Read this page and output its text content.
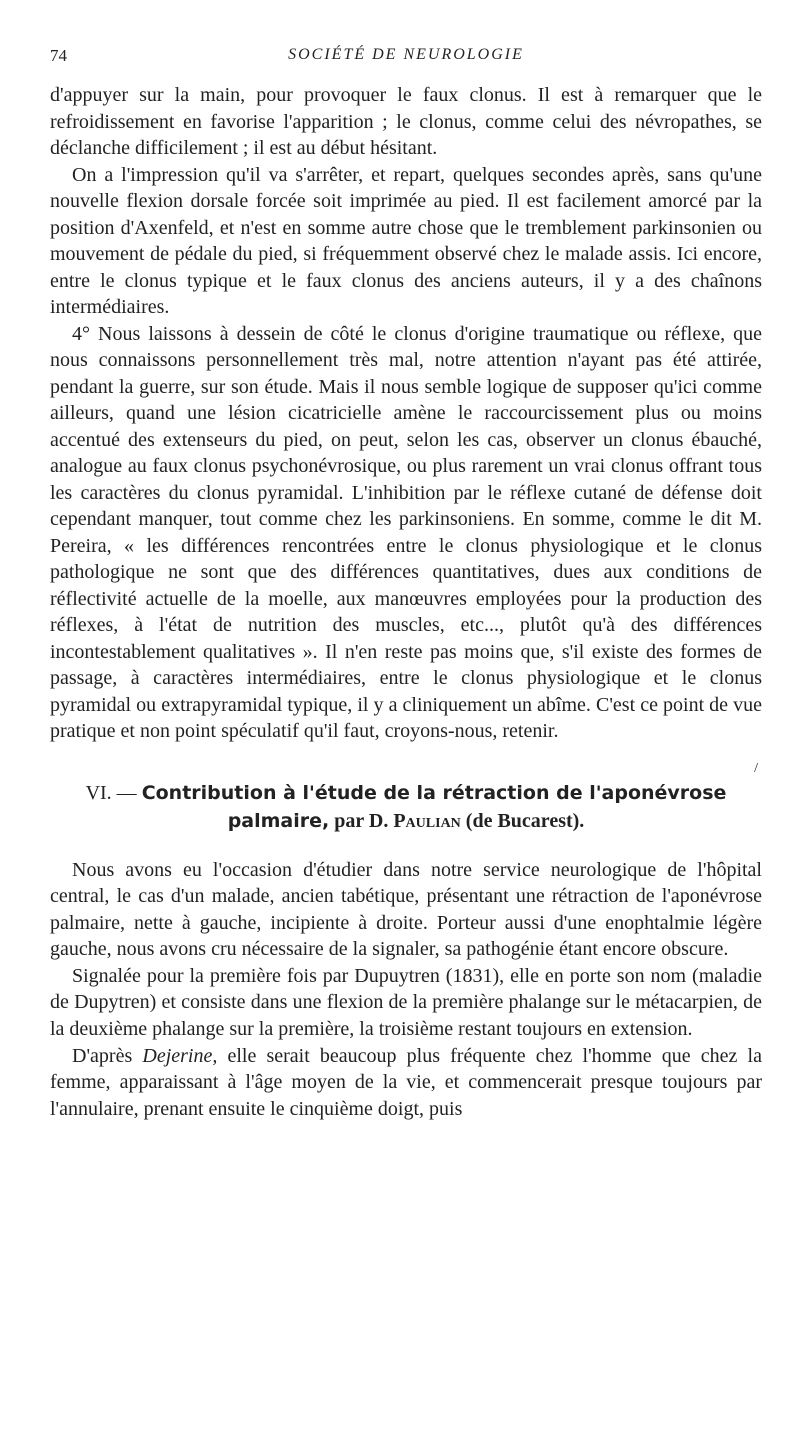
74	SOCIÉTÉ DE NEUROLOGIE

d'appuyer sur la main, pour provoquer le faux clonus. Il est à remarquer que le refroidissement en favorise l'apparition ; le clonus, comme celui des névropathes, se déclanche difficilement ; il est au début hésitant.

On a l'impression qu'il va s'arrêter, et repart, quelques secondes après, sans qu'une nouvelle flexion dorsale forcée soit imprimée au pied. Il est facilement amorcé par la position d'Axenfeld, et n'est en somme autre chose que le tremblement parkinsonien ou mouvement de pédale du pied, si fréquemment observé chez le malade assis. Ici encore, entre le clonus typique et le faux clonus des anciens auteurs, il y a des chaînons intermédiaires.

4° Nous laissons à dessein de côté le clonus d'origine traumatique ou réflexe, que nous connaissons personnellement très mal, notre attention n'ayant pas été attirée, pendant la guerre, sur son étude. Mais il nous semble logique de supposer qu'ici comme ailleurs, quand une lésion cicatricielle amène le raccourcissement plus ou moins accentué des extenseurs du pied, on peut, selon les cas, observer un clonus ébauché, analogue au faux clonus psychonévrosique, ou plus rarement un vrai clonus offrant tous les caractères du clonus pyramidal. L'inhibition par le réflexe cutané de défense doit cependant manquer, tout comme chez les parkinsoniens. En somme, comme le dit M. Pereira, « les différences rencontrées entre le clonus physiologique et le clonus pathologique ne sont que des différences quantitatives, dues aux conditions de réflectivité actuelle de la moelle, aux manœuvres employées pour la production des réflexes, à l'état de nutrition des muscles, etc..., plutôt qu'à des différences incontestablement qualitatives ». Il n'en reste pas moins que, s'il existe des formes de passage, à caractères intermédiaires, entre le clonus physiologique et le clonus pyramidal ou extrapyramidal typique, il y a cliniquement un abîme. C'est ce point de vue pratique et non point spéculatif qu'il faut, croyons-nous, retenir.

/
VI. — Contribution à l'étude de la rétraction de l'aponévrose
palmaire, par D. Paulian (de Bucarest).

Nous avons eu l'occasion d'étudier dans notre service neurologique de l'hôpital central, le cas d'un malade, ancien tabétique, présentant une rétraction de l'aponévrose palmaire, nette à gauche, incipiente à droite. Porteur aussi d'une enophtalmie légère gauche, nous avons cru nécessaire de la signaler, sa pathogénie étant encore obscure.

Signalée pour la première fois par Dupuytren (1831), elle en porte son nom (maladie de Dupytren) et consiste dans une flexion de la première phalange sur le métacarpien, de la deuxième phalange sur la première, la troisième restant toujours en extension.

D'après Dejerine, elle serait beaucoup plus fréquente chez l'homme que chez la femme, apparaissant à l'âge moyen de la vie, et commencerait presque toujours par l'annulaire, prenant ensuite le cinquième doigt, puis
